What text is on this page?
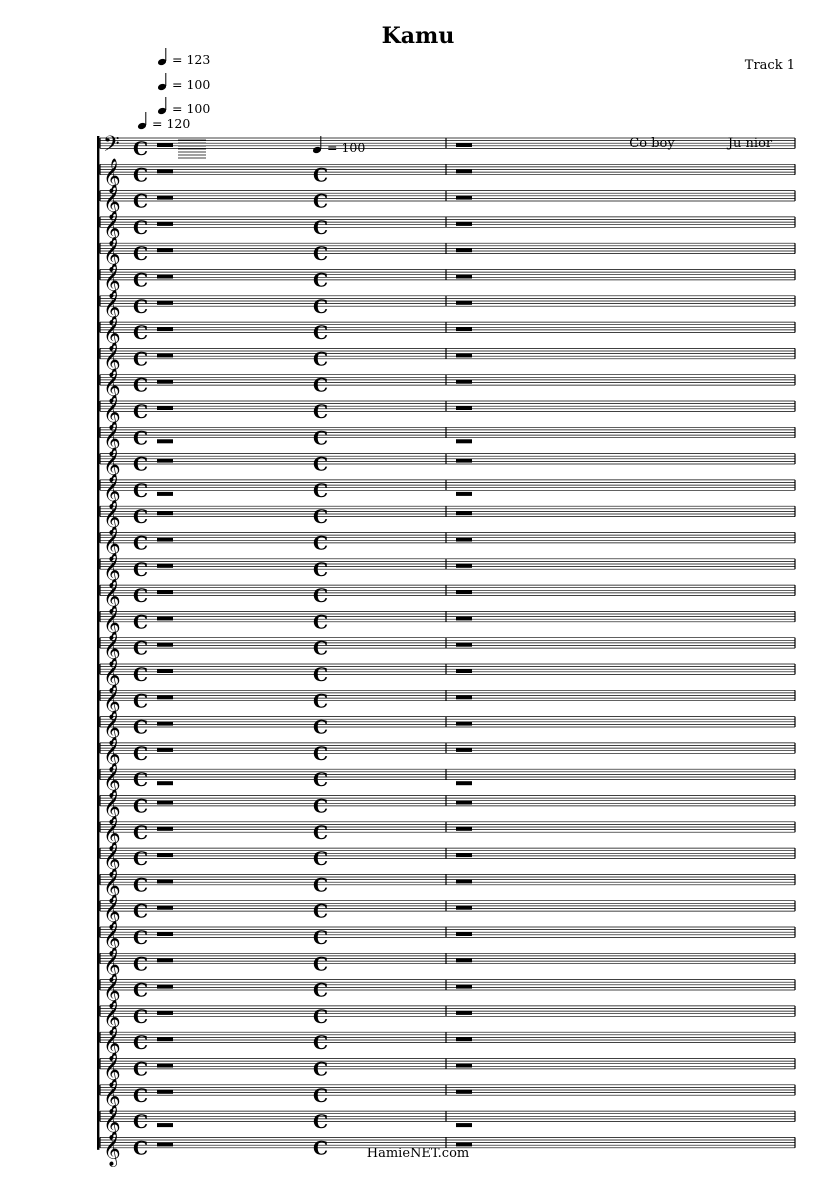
Kamu
Track 1
= 123
= 100
= 100
= 120
= 100	Co boy	Ju nior
𝄢 C
𝄞 C	C
𝄞 C	C
𝄞 C	C
𝄞 C	C
𝄞 C	C
𝄞 C	C
𝄞 C	C
𝄞 C	C
𝄞 C	C
𝄞 C	C
𝄞 C	C
𝄞 C	C
𝄞 C	C
𝄞 C	C
𝄞 C	C
𝄞 C	C
𝄞 C	C
𝄞 C	C
𝄞 C	C
𝄞 C	C
𝄞 C	C
𝄞 C	C
𝄞 C	C
𝄞 C	C
𝄞 C	C
𝄞 C	C
𝄞 C	C
𝄞 C	C
𝄞 C	C
𝄞 C	C
𝄞 C	C
𝄞 C	C
𝄞 C	C
𝄞 C	C
𝄞 C	C
𝄞 C	C
𝄞 C	C
𝄞 C	C	HamieNET.com
